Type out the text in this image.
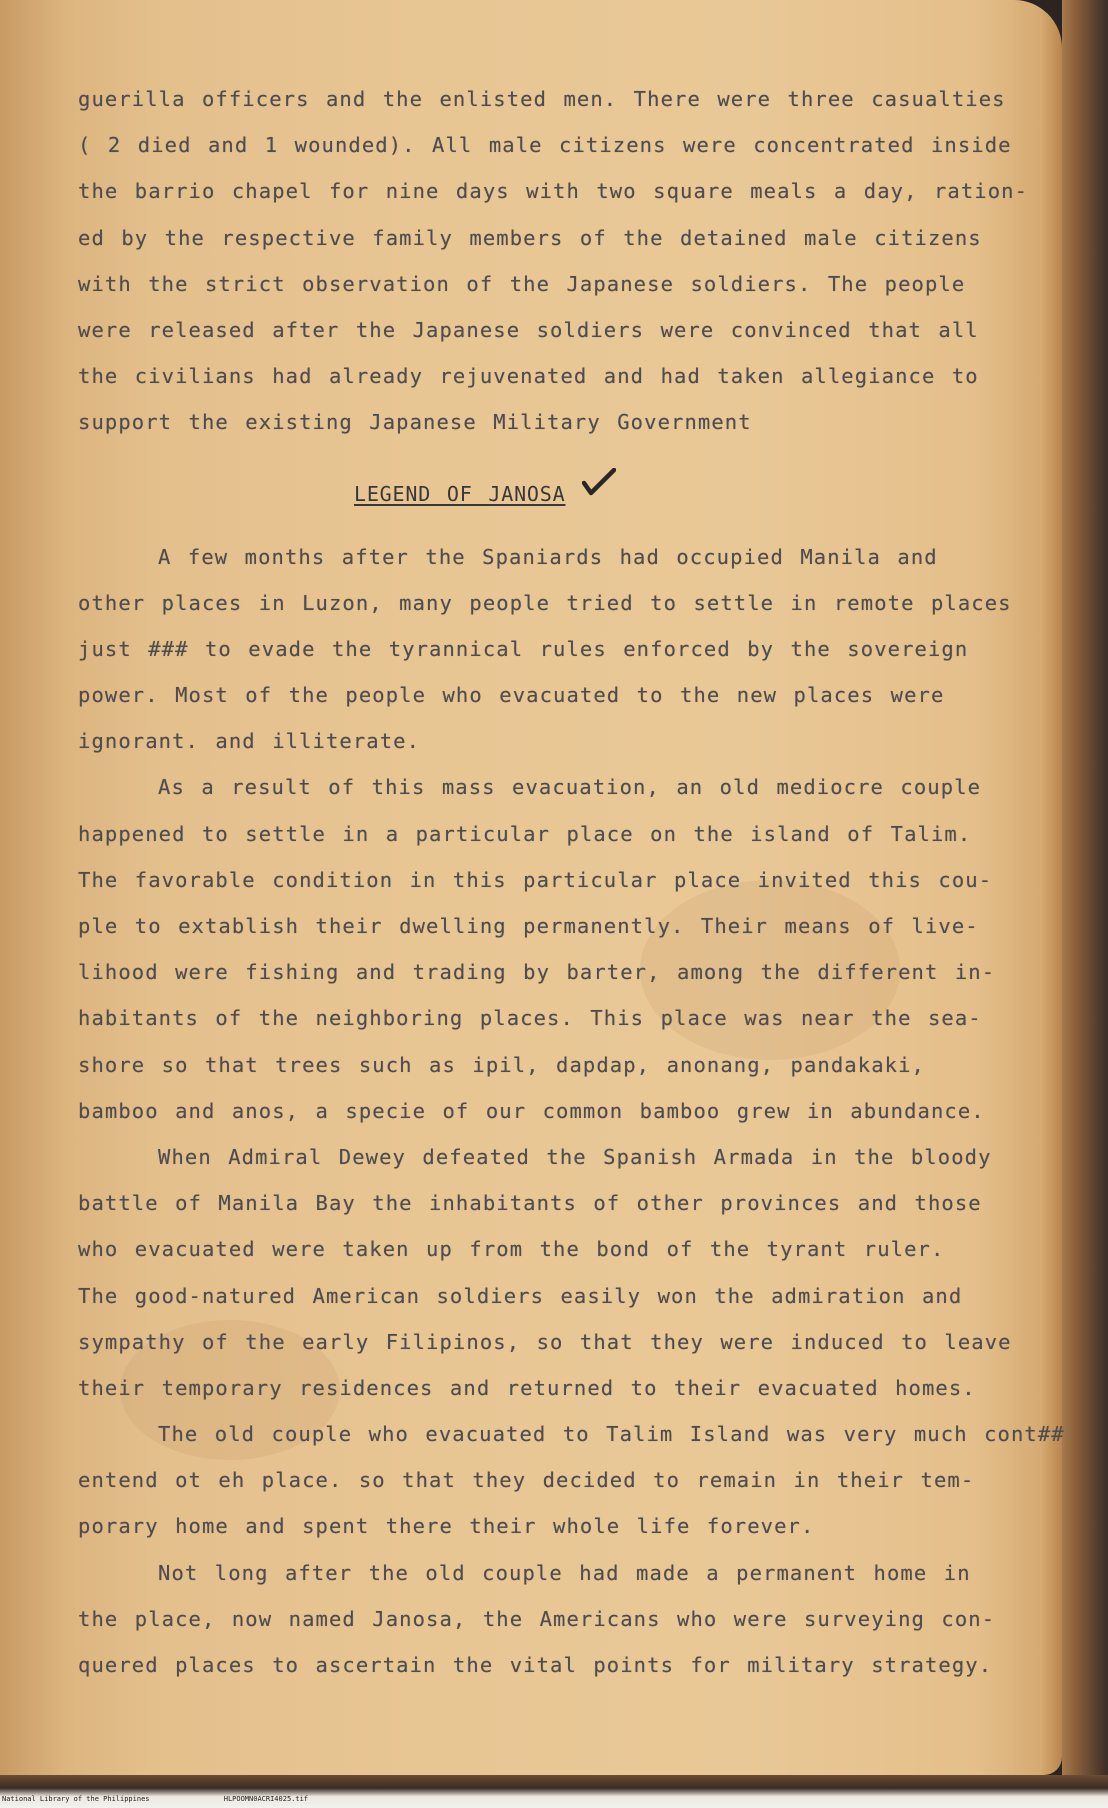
guerilla officers and the enlisted men. There were three casualties
( 2 died and 1 wounded). All male citizens were concentrated inside
the barrio chapel for nine days with two square meals a day, ration-
ed by the respective family members of the detained male citizens
with the strict observation of the Japanese soldiers. The people
were released after the Japanese soldiers were convinced that all
the civilians had already rejuvenated and had taken allegiance to
support the existing Japanese Military Government
LEGEND OF JANOSA
A few months after the Spaniards had occupied Manila and
other places in Luzon, many people tried to settle in remote places
just ### to evade the tyrannical rules enforced by the sovereign
power. Most of the people who evacuated to the new places were
ignorant. and illiterate.
As a result of this mass evacuation, an old mediocre couple
happened to settle in a particular place on the island of Talim.
The favorable condition in this particular place invited this cou-
ple to extablish their dwelling permanently. Their means of live-
lihood were fishing and trading by barter, among the different in-
habitants of the neighboring places. This place was near the sea-
shore so that trees such as ipil, dapdap, anonang, pandakaki,
bamboo and anos, a specie of our common bamboo grew in abundance.
When Admiral Dewey defeated the Spanish Armada in the bloody
battle of Manila Bay the inhabitants of other provinces and those
who evacuated were taken up from the bond of the tyrant ruler.
The good-natured American soldiers easily won the admiration and
sympathy of the early Filipinos, so that they were induced to leave
their temporary residences and returned to their evacuated homes.
The old couple who evacuated to Talim Island was very much cont##
entend ot eh place. so that they decided to remain in their tem-
porary home and spent there their whole life forever.
Not long after the old couple had made a permanent home in
the place, now named Janosa, the Americans who were surveying con-
quered places to ascertain the vital points for military strategy.
National Library of the Philippines	HLPOOMN0ACRI4025.tif
